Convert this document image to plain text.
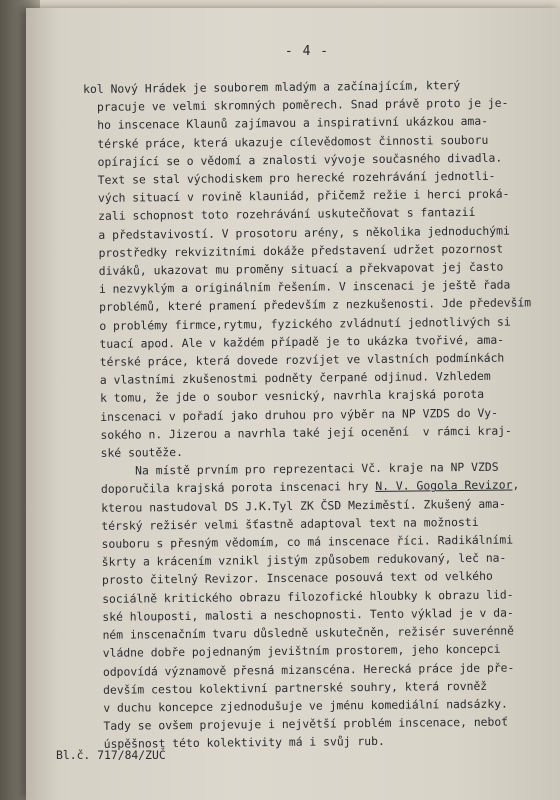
- 4 -
kol Nový Hrádek je souborem mladým a začínajícím, který
pracuje ve velmi skromných poměrech. Snad právě proto je je-
ho inscenace Klaunů zajímavou a inspirativní ukázkou ama-
térské práce, která ukazuje cílevědomost činnosti souboru
opírající se o vědomí a znalosti vývoje současného divadla.
Text se stal východiskem pro herecké rozehrávání jednotli-
vých situací v rovině klauniád, přičemž režie i herci proká-
zali schopnost toto rozehrávání uskutečňovat s fantazií
a představivostí. V prosotoru arény, s několika jednoduchými
prostředky rekvizitními dokáže představení udržet pozornost
diváků, ukazovat mu proměny situací a překvapovat jej často
i nezvyklým a originálním řešením. V inscenaci je ještě řada
problémů, které pramení především z nezkušenosti. Jde především
o problémy firmce,rytmu, fyzického zvládnutí jednotlivých si
tuací apod. Ale v každém případě je to ukázka tvořivé, ama-
térské práce, která dovede rozvíjet ve vlastních podmínkách
a vlastními zkušenostmi podněty čerpané odjinud. Vzhledem
k tomu, že jde o soubor vesnický, navrhla krajská porota
inscenaci v pořadí jako druhou pro výběr na NP VZDS do Vy-
sokého n. Jizerou a navrhla také její ocenění  v rámci kraj-
ské soutěže.
Na místě prvním pro reprezentaci Vč. kraje na NP VZDS
doporučila krajská porota inscenaci hry N. V. Gogola Revizor,
kterou nastudoval DS J.K.Tyl ZK ČSD Meziměstí. Zkušený ama-
térský režisér velmi šťastně adaptoval text na možnosti
souboru s přesným vědomím, co má inscenace říci. Radikálními
škrty a krácením vznikl jistým způsobem redukovaný, leč na-
prosto čitelný Revizor. Inscenace posouvá text od velkého
sociálně kritického obrazu filozofické hloubky k obrazu lid-
ské hlouposti, malosti a neschopnosti. Tento výklad je v da-
ném inscenačním tvaru důsledně uskutečněn, režisér suverénně
vládne dobře pojednaným jevištním prostorem, jeho koncepci
odpovídá významově přesná mizanscéna. Herecká práce jde pře-
devším cestou kolektivní partnerské souhry, která rovněž
v duchu koncepce zjednodušuje ve jménu komediální nadsázky.
Tady se ovšem projevuje i největší problém inscenace, neboť
úspěšnost této kolektivity má i svůj rub.
Bl.č. 717/84/ZUČ
